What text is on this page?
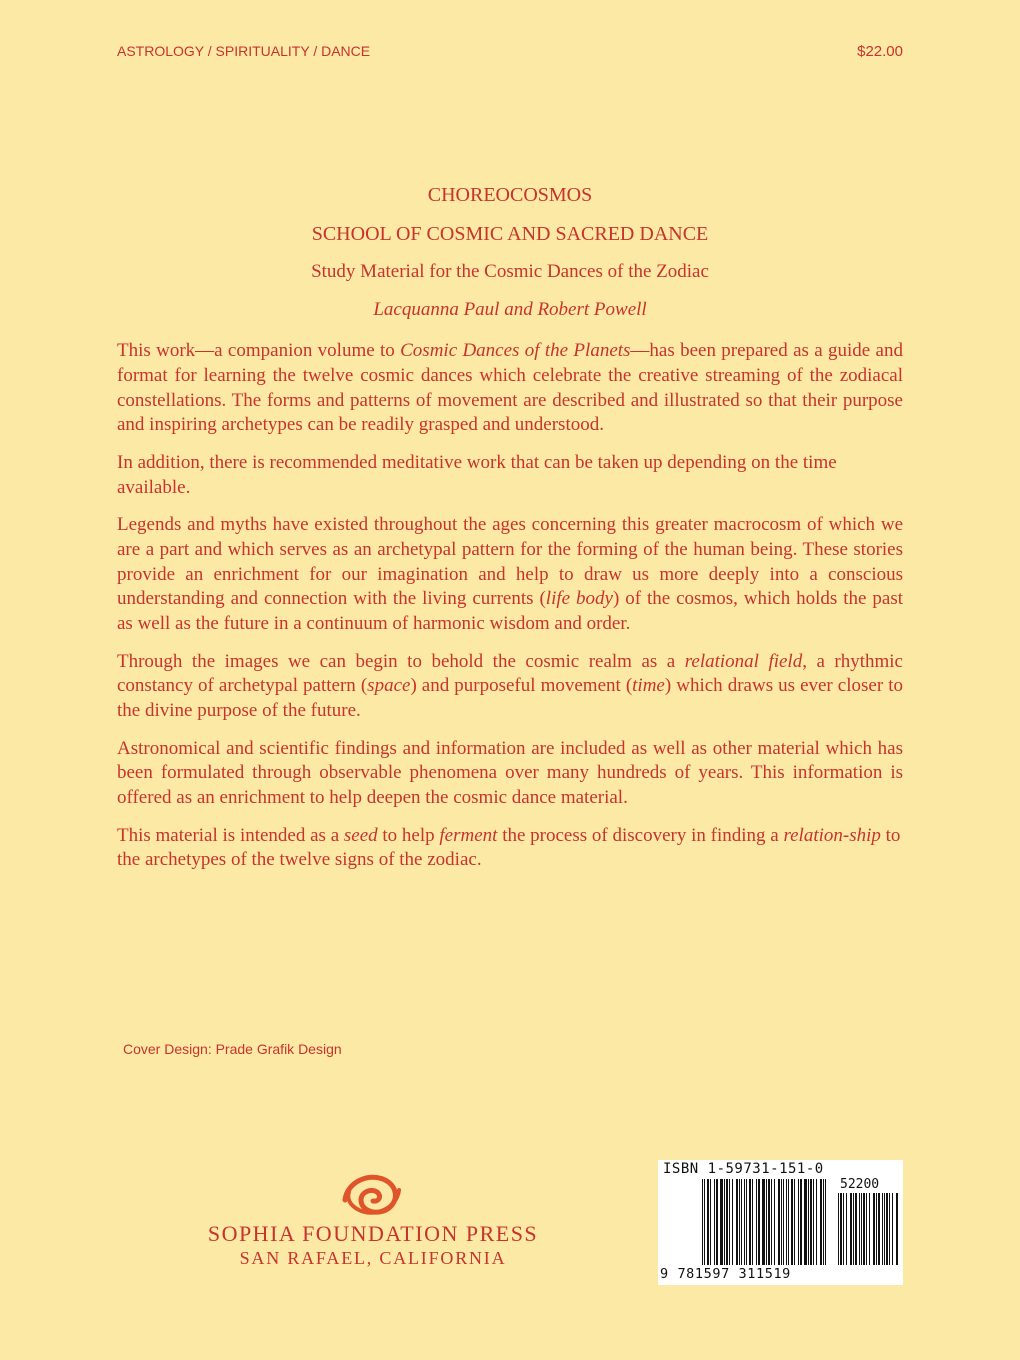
ASTROLOGY / SPIRITUALITY / DANCE	$22.00
CHOREOCOSMOS
SCHOOL OF COSMIC AND SACRED DANCE
Study Material for the Cosmic Dances of the Zodiac
Lacquanna Paul and Robert Powell

This work—a companion volume to Cosmic Dances of the Planets—has been prepared as a guide and format for learning the twelve cosmic dances which celebrate the creative streaming of the zodiacal constellations. The forms and patterns of movement are described and illustrated so that their purpose and inspiring archetypes can be readily grasped and understood.

In addition, there is recommended meditative work that can be taken up depending on the time available.

Legends and myths have existed throughout the ages concerning this greater macrocosm of which we are a part and which serves as an archetypal pattern for the forming of the human being. These stories provide an enrichment for our imagination and help to draw us more deeply into a conscious understanding and connection with the living currents (life body) of the cosmos, which holds the past as well as the future in a continuum of harmonic wisdom and order.

Through the images we can begin to behold the cosmic realm as a relational field, a rhythmic constancy of archetypal pattern (space) and purposeful movement (time) which draws us ever closer to the divine purpose of the future.

Astronomical and scientific findings and information are included as well as other material which has been formulated through observable phenomena over many hundreds of years. This information is offered as an enrichment to help deepen the cosmic dance material.

This material is intended as a seed to help ferment the process of discovery in finding a relation-ship to the archetypes of the twelve signs of the zodiac.

Cover Design: Prade Grafik Design
SOPHIA FOUNDATION PRESS
SAN RAFAEL, CALIFORNIA
ISBN 1-59731-151-0
52200
9 781597 311519
